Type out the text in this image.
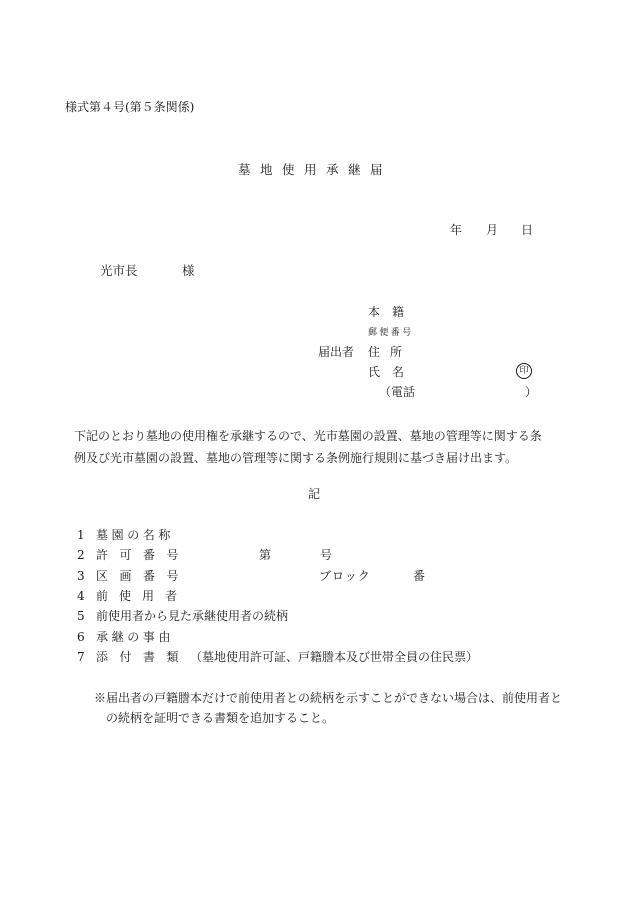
様式第４号(第５条関係)
墓地使用承継届
年 月 日
光市長	様
本籍
郵便番号
届出者 住所
氏名	印
（電話	）
下記のとおり墓地の使用権を承継するので、光市墓園の設置、墓地の管理等に関する条
例及び光市墓園の設置、墓地の管理等に関する条例施行規則に基づき届け出ます。
記
1 墓園の名称
2 許可番号	第	号
3 区画番号	ブロック	番
4 前使用者
5 前使用者から見た承継使用者の続柄
6 承継の事由
7 添付書類（墓地使用許可証、戸籍謄本及び世帯全員の住民票）
※届出者の戸籍謄本だけで前使用者との続柄を示すことができない場合は、前使用者と
の続柄を証明できる書類を追加すること。
